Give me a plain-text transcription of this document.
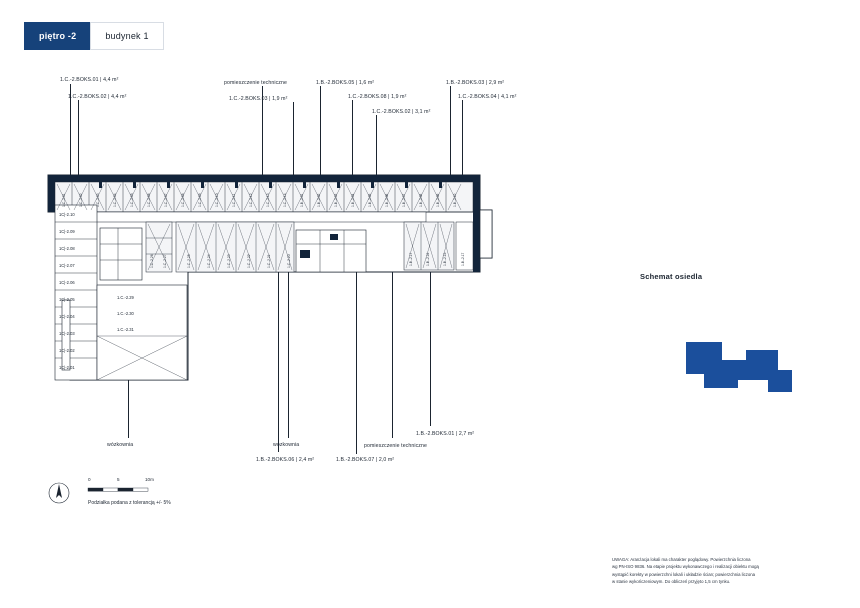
piętro -2	budynek 1
1.C.-2.BOKS.01 | 4,4 m²
1.C.-2.BOKS.02 | 4,4 m²
pomieszczenie techniczne
1.C.-2.BOKS.03 | 1,9 m²
1.B.-2.BOKS.05 | 1,6 m²
1.C.-2.BOKS.08 | 1,9 m²
1.C.-2.BOKS.02 | 3,1 m²
1.B.-2.BOKS.03 | 2,9 m²
1.C.-2.BOKS.04 | 4,1 m²
1.C.-2.01	1.C.-2.02	1.C.-2.03	1.C.-2.04	1.C.-2.05	1.C.-2.06	1.C.-2.07	1.C.-2.08	1.C.-2.09	1.C.-2.10	1.C.-2.11	1.C.-2.12	1.C.-2.13	1.C.-2.14	1.B.-2.01	1.B.-2.02	1.B.-2.03	1.B.-2.04	1.B.-2.05	1.B.-2.06	1.B.-2.07	1.B.-2.08	1.B.-2.09	1.B.-2.10
1.C.-2.26	1.C.-2.27	1.C.-2.25	1.C.-2.24	1.C.-2.23	1.C.-2.22	1.C.-2.21	1.C.-2.20	1.B.-2.17	1.B.-2.16	1.B.-2.15	1.B.-2.17
1C|-2.10
1C|-2.09
1C|-2.08
1C|-2.07
1C|-2.06
1C|-2.05
1C|-2.04
1C|-2.03
1C|-2.02
1C|-2.01
1.C.-2.29
1.C.-2.30
1.C.-2.31
wózkownia	wózkownia
1.B.-2.BOKS.06 | 2,4 m²	1.B.-2.BOKS.07 | 2,0 m²
pomieszczenie techniczne
1.B.-2.BOKS.01 | 2,7 m²
Schemat osiedla
0	5	10m
Podziałka podana z tolerancją +/- 5%
UWAGA: Aranżacja lokali ma charakter poglądowy. Powierzchnia liczona
wg PN-ISO 9836. Na etapie projektu wykonawczego i realizacji obiektu mogą
wystąpić korekty w powierzchni lokali i układzie ścian; powierzchnia liczona
w stanie wykończeniowym. Do obliczeń przyjęto 1,5 cm tynku.
